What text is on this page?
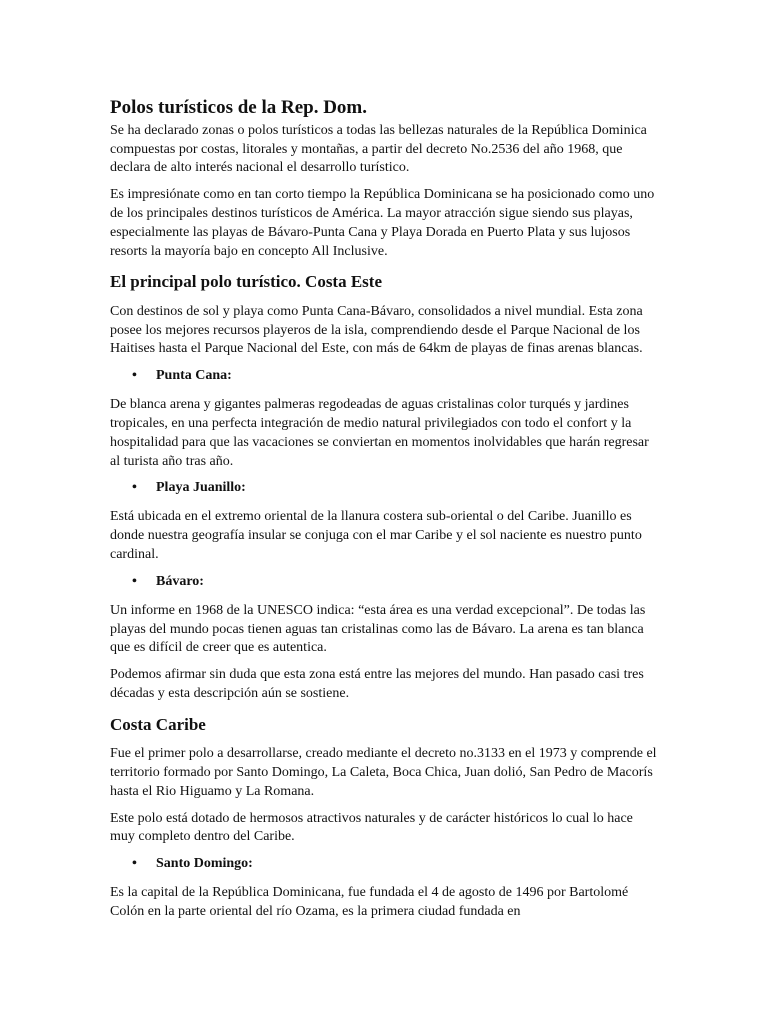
Polos turísticos de la Rep. Dom.

Se ha declarado zonas o polos turísticos a todas las bellezas naturales de la República Dominica compuestas por costas, litorales y montañas, a partir del decreto No.2536 del año 1968, que declara de alto interés nacional el desarrollo turístico.

Es impresiónate como en tan corto tiempo la República Dominicana se ha posicionado como uno de los principales destinos turísticos de América. La mayor atracción sigue siendo sus playas, especialmente las playas de Bávaro-Punta Cana y Playa Dorada en Puerto Plata y sus lujosos resorts la mayoría bajo en concepto All Inclusive.

El principal polo turístico. Costa Este

Con destinos de sol y playa como Punta Cana-Bávaro, consolidados a nivel mundial. Esta zona posee los mejores recursos playeros de la isla, comprendiendo desde el Parque Nacional de los Haitises hasta el Parque Nacional del Este, con más de 64km de playas de finas arenas blancas.

•	Punta Cana:

De blanca arena y gigantes palmeras regodeadas de aguas cristalinas color turqués y jardines tropicales, en una perfecta integración de medio natural privilegiados con todo el confort y la hospitalidad para que las vacaciones se conviertan en momentos inolvidables que harán regresar al turista año tras año.

•	Playa Juanillo:

Está ubicada en el extremo oriental de la llanura costera sub-oriental o del Caribe. Juanillo es donde nuestra geografía insular se conjuga con el mar Caribe y el sol naciente es nuestro punto cardinal.

•	Bávaro:

Un informe en 1968 de la UNESCO indica: “esta área es una verdad excepcional”. De todas las playas del mundo pocas tienen aguas tan cristalinas como las de Bávaro. La arena es tan blanca que es difícil de creer que es autentica.

Podemos afirmar sin duda que esta zona está entre las mejores del mundo. Han pasado casi tres décadas y esta descripción aún se sostiene.

Costa Caribe

Fue el primer polo a desarrollarse, creado mediante el decreto no.3133 en el 1973 y comprende el territorio formado por Santo Domingo, La Caleta, Boca Chica, Juan dolió, San Pedro de Macorís hasta el Rio Higuamo y La Romana.

Este polo está dotado de hermosos atractivos naturales y de carácter históricos lo cual lo hace muy completo dentro del Caribe.

•	Santo Domingo:

Es la capital de la República Dominicana, fue fundada el 4 de agosto de 1496 por Bartolomé Colón en la parte oriental del río Ozama, es la primera ciudad fundada en
